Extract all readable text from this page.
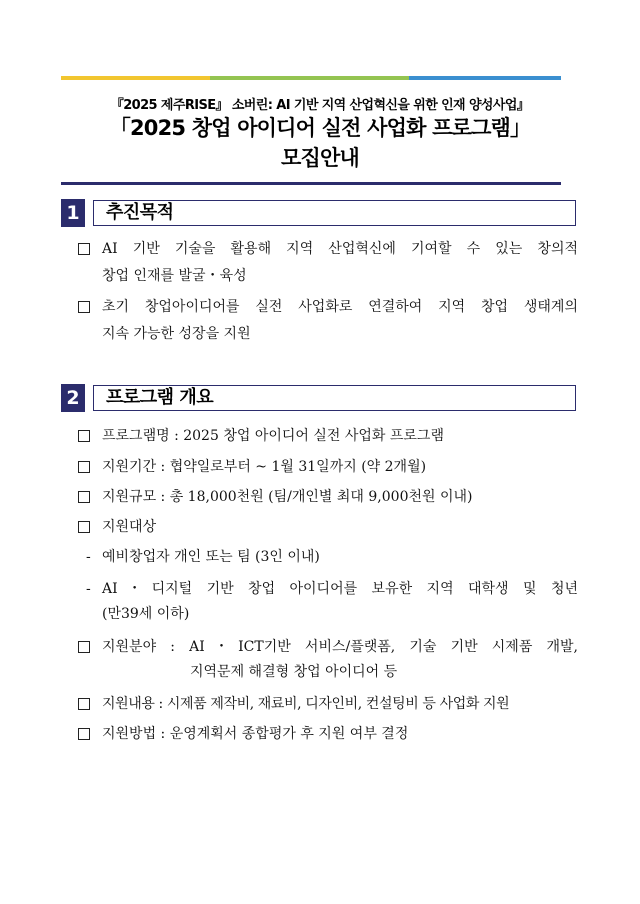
『2025 제주RISE』 소버린: AI 기반 지역 산업혁신을 위한 인재 양성사업』
「2025 창업 아이디어 실전 사업화 프로그램」
모집안내
1 추진목적
AI 기반 기술을 활용해 지역 산업혁신에 기여할 수 있는 창의적
창업 인재를 발굴・육성
초기 창업아이디어를 실전 사업화로 연결하여 지역 창업 생태계의
지속 가능한 성장을 지원
2 프로그램 개요
프로그램명 : 2025 창업 아이디어 실전 사업화 프로그램
지원기간 : 협약일로부터 ~ 1월 31일까지 (약 2개월)
지원규모 : 총 18,000천원 (팀/개인별 최대 9,000천원 이내)
지원대상
- 예비창업자 개인 또는 팀 (3인 이내)
- AI・디지털 기반 창업 아이디어를 보유한 지역 대학생 및 청년
(만39세 이하)
지원분야 : AI・ICT기반 서비스/플랫폼, 기술 기반 시제품 개발,
지역문제 해결형 창업 아이디어 등
지원내용 : 시제품 제작비, 재료비, 디자인비, 컨설팅비 등 사업화 지원
지원방법 : 운영계획서 종합평가 후 지원 여부 결정
